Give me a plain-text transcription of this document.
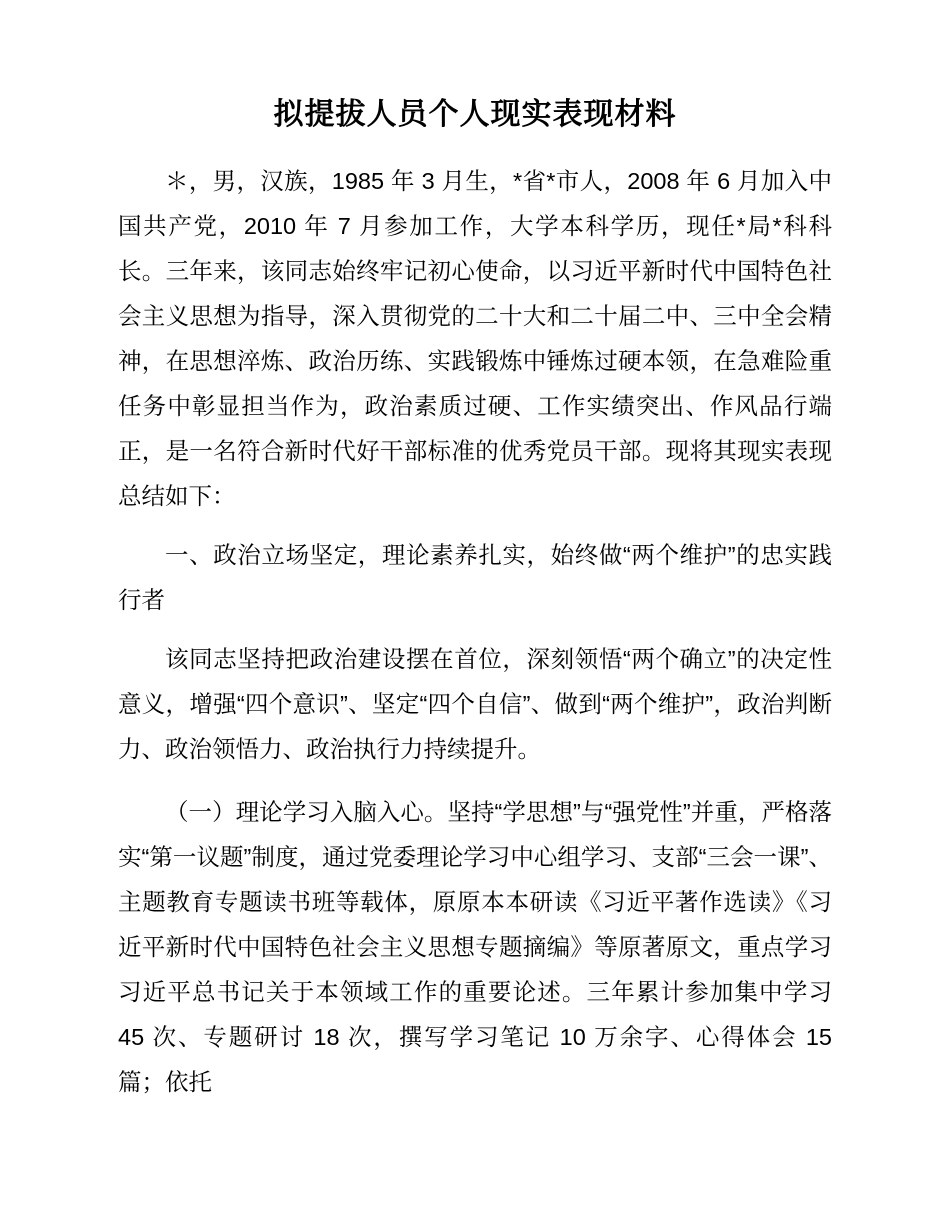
拟提拔人员个人现实表现材料

＊，男，汉族，1985 年 3 月生，*省*市人，2008 年 6 月加入中国共产党，2010 年 7 月参加工作，大学本科学历，现任*局*科科长。三年来，该同志始终牢记初心使命，以习近平新时代中国特色社会主义思想为指导，深入贯彻党的二十大和二十届二中、三中全会精神，在思想淬炼、政治历练、实践锻炼中锤炼过硬本领，在急难险重任务中彰显担当作为，政治素质过硬、工作实绩突出、作风品行端正，是一名符合新时代好干部标准的优秀党员干部。现将其现实表现总结如下：

一、政治立场坚定，理论素养扎实，始终做“两个维护”的忠实践行者

该同志坚持把政治建设摆在首位，深刻领悟“两个确立”的决定性意义，增强“四个意识”、坚定“四个自信”、做到“两个维护”，政治判断力、政治领悟力、政治执行力持续提升。

（一）理论学习入脑入心。坚持“学思想”与“强党性”并重，严格落实“第一议题”制度，通过党委理论学习中心组学习、支部“三会一课”、主题教育专题读书班等载体，原原本本研读《习近平著作选读》《习近平新时代中国特色社会主义思想专题摘编》等原著原文，重点学习习近平总书记关于本领域工作的重要论述。三年累计参加集中学习 45 次、专题研讨 18 次，撰写学习笔记 10 万余字、心得体会 15 篇；依托
